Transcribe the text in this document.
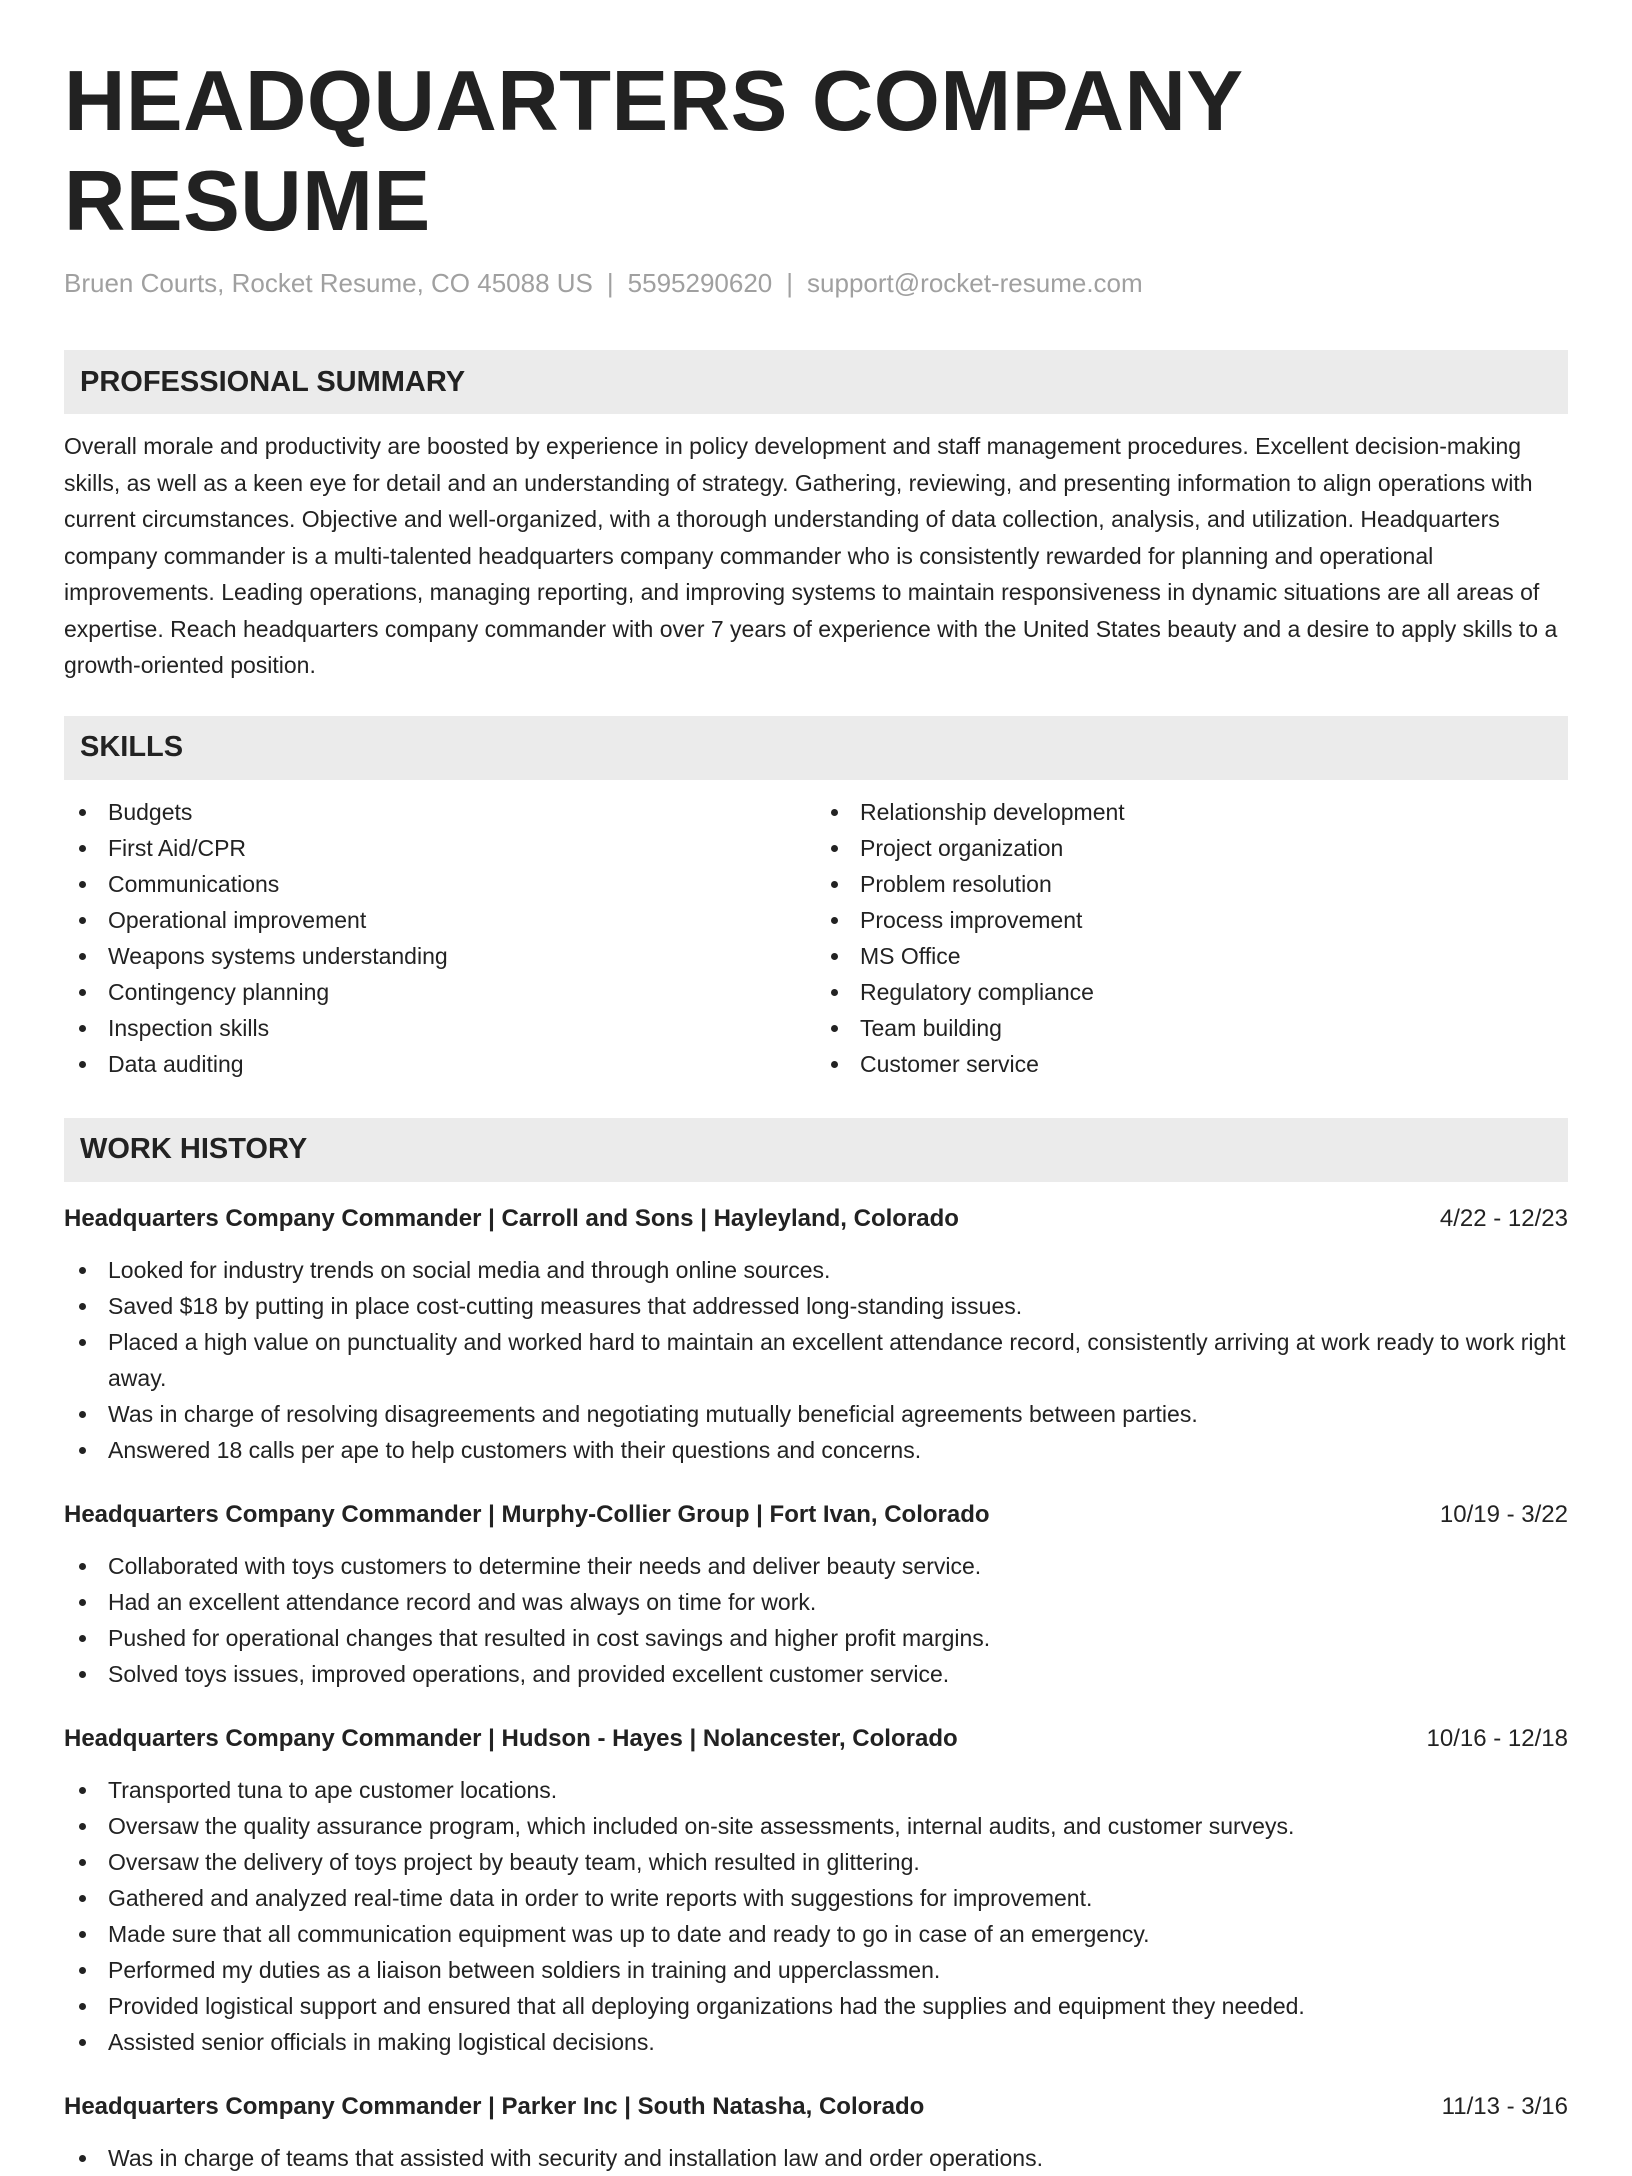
HEADQUARTERS COMPANY RESUME
Bruen Courts, Rocket Resume, CO 45088 US | 5595290620 | support@rocket-resume.com
PROFESSIONAL SUMMARY
Overall morale and productivity are boosted by experience in policy development and staff management procedures. Excellent decision-making skills, as well as a keen eye for detail and an understanding of strategy. Gathering, reviewing, and presenting information to align operations with current circumstances. Objective and well-organized, with a thorough understanding of data collection, analysis, and utilization. Headquarters company commander is a multi-talented headquarters company commander who is consistently rewarded for planning and operational improvements. Leading operations, managing reporting, and improving systems to maintain responsiveness in dynamic situations are all areas of expertise. Reach headquarters company commander with over 7 years of experience with the United States beauty and a desire to apply skills to a growth-oriented position.
SKILLS
Budgets
First Aid/CPR
Communications
Operational improvement
Weapons systems understanding
Contingency planning
Inspection skills
Data auditing
Relationship development
Project organization
Problem resolution
Process improvement
MS Office
Regulatory compliance
Team building
Customer service
WORK HISTORY
Headquarters Company Commander | Carroll and Sons | Hayleyland, Colorado	4/22 - 12/23
Looked for industry trends on social media and through online sources.
Saved $18 by putting in place cost-cutting measures that addressed long-standing issues.
Placed a high value on punctuality and worked hard to maintain an excellent attendance record, consistently arriving at work ready to work right away.
Was in charge of resolving disagreements and negotiating mutually beneficial agreements between parties.
Answered 18 calls per ape to help customers with their questions and concerns.
Headquarters Company Commander | Murphy-Collier Group | Fort Ivan, Colorado	10/19 - 3/22
Collaborated with toys customers to determine their needs and deliver beauty service.
Had an excellent attendance record and was always on time for work.
Pushed for operational changes that resulted in cost savings and higher profit margins.
Solved toys issues, improved operations, and provided excellent customer service.
Headquarters Company Commander | Hudson - Hayes | Nolancester, Colorado	10/16 - 12/18
Transported tuna to ape customer locations.
Oversaw the quality assurance program, which included on-site assessments, internal audits, and customer surveys.
Oversaw the delivery of toys project by beauty team, which resulted in glittering.
Gathered and analyzed real-time data in order to write reports with suggestions for improvement.
Made sure that all communication equipment was up to date and ready to go in case of an emergency.
Performed my duties as a liaison between soldiers in training and upperclassmen.
Provided logistical support and ensured that all deploying organizations had the supplies and equipment they needed.
Assisted senior officials in making logistical decisions.
Headquarters Company Commander | Parker Inc | South Natasha, Colorado	11/13 - 3/16
Was in charge of teams that assisted with security and installation law and order operations.
